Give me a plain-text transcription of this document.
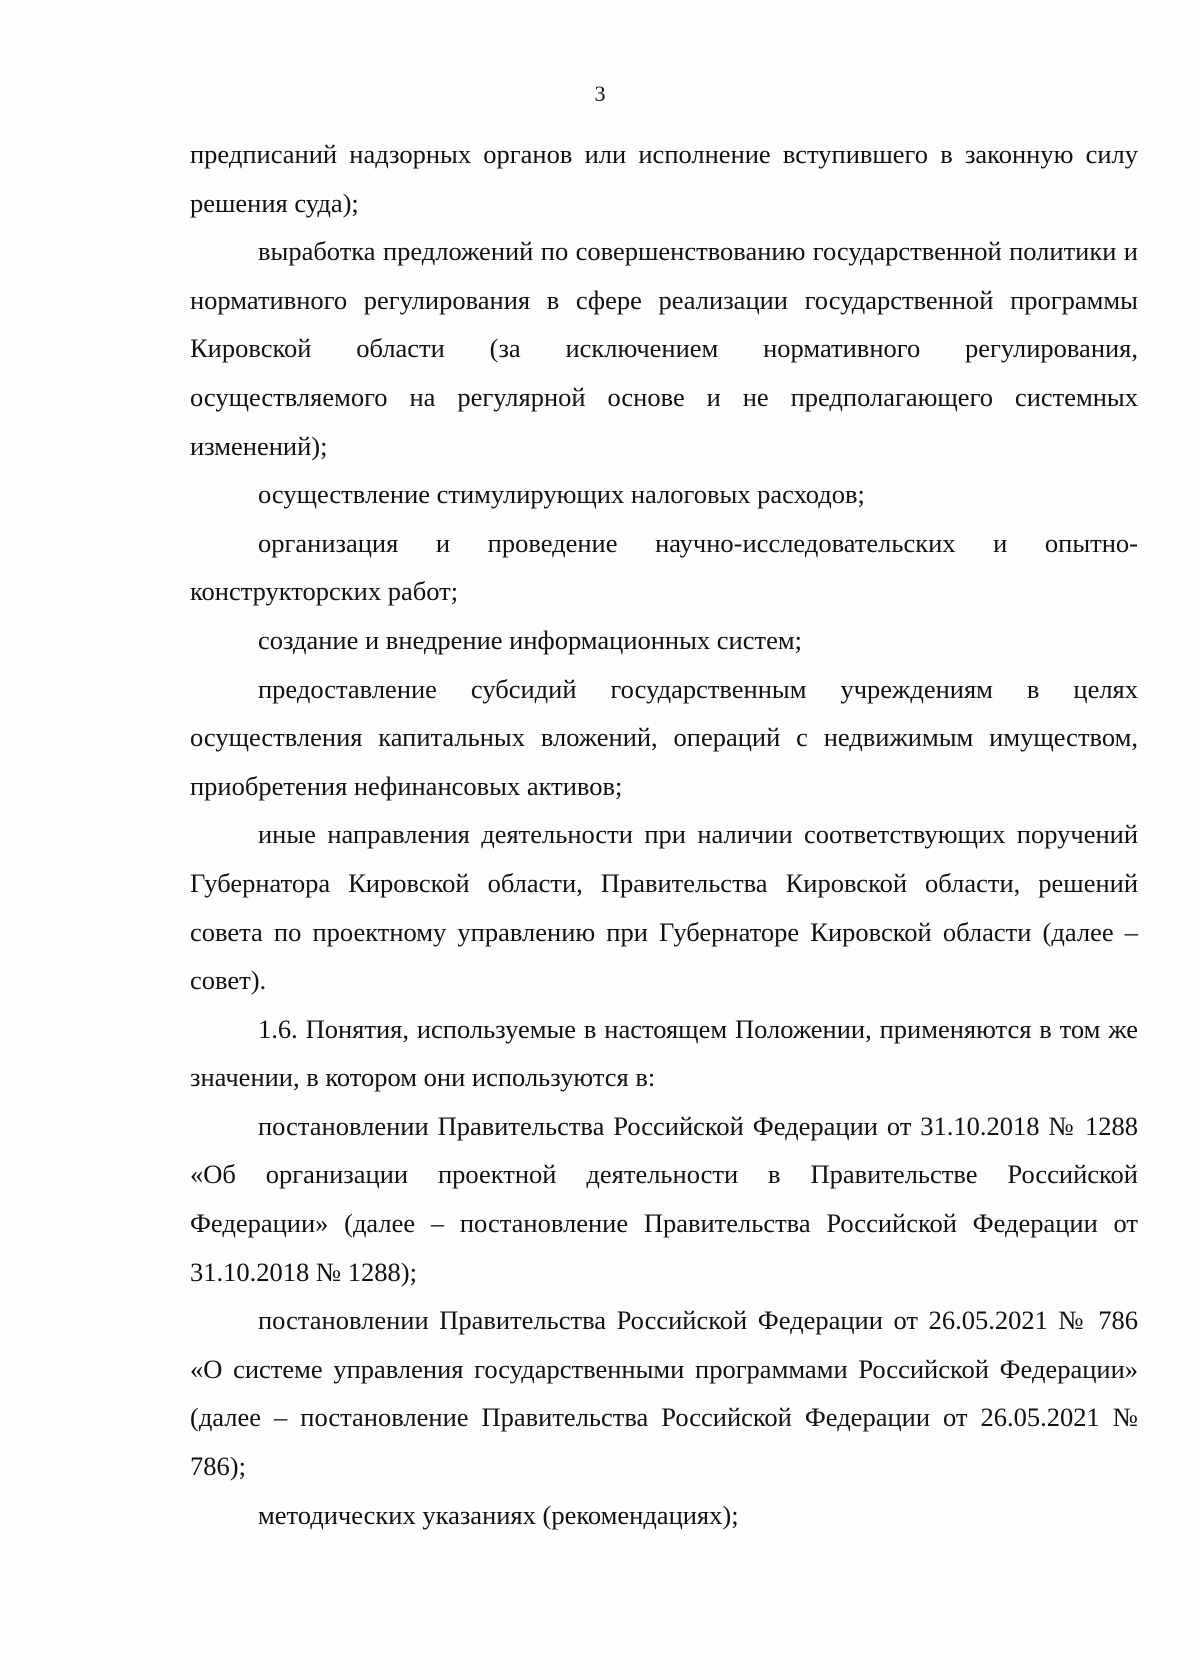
3

предписаний надзорных органов или исполнение вступившего в законную силу решения суда);

выработка предложений по совершенствованию государственной политики и нормативного регулирования в сфере реализации государственной программы Кировской области (за исключением нормативного регулирования, осуществляемого на регулярной основе и не предполагающего системных изменений);

осуществление стимулирующих налоговых расходов;

организация и проведение научно-исследовательских и опытно-конструкторских работ;

создание и внедрение информационных систем;

предоставление субсидий государственным учреждениям в целях осуществления капитальных вложений, операций с недвижимым имуществом, приобретения нефинансовых активов;

иные направления деятельности при наличии соответствующих поручений Губернатора Кировской области, Правительства Кировской области, решений совета по проектному управлению при Губернаторе Кировской области (далее – совет).

1.6. Понятия, используемые в настоящем Положении, применяются в том же значении, в котором они используются в:

постановлении Правительства Российской Федерации от 31.10.2018 № 1288 «Об организации проектной деятельности в Правительстве Российской Федерации» (далее – постановление Правительства Российской Федерации от 31.10.2018 № 1288);

постановлении Правительства Российской Федерации от 26.05.2021 № 786 «О системе управления государственными программами Российской Федерации» (далее – постановление Правительства Российской Федерации от 26.05.2021 № 786);

методических указаниях (рекомендациях);
